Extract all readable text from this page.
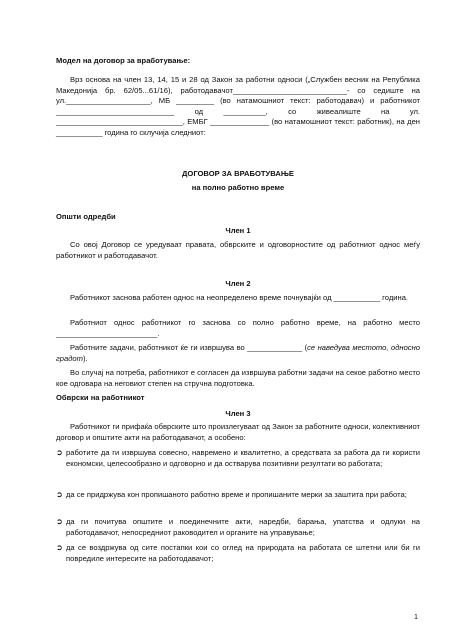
Модел на договор за вработување:
Врз основа на член 13, 14, 15 и 28 од Закон за работни односи („Службен весник на Република Македонија бр. 62/05...61/16), работодавачот___________________________- со седиште на ул.____________________, МБ _________ (во натамошниот текст: работодавач) и работникот ____________________________ од __________, со живеалиште на ул. ______________________________, ЕМБГ ______________ (во натамошниот текст: работник), на ден ___________ година го склучија следниот:
ДОГОВОР ЗА ВРАБОТУВАЊЕ
на полно работно време
Општи одредби
Член 1
Со овој Договор се уредуваат правата, обврските и одговорностите од работниот однос меѓу работникот и работодавачот.
Член 2
Работникот заснова работен однос на неопределено време почнувајќи од ___________ година.
Работниот однос работникот го заснова со полно работно време, на работно место ________________________.
Работните задачи, работникот ќе ги извршува во _____________ (се наведува местото, односно градот).
Во случај на потреба, работникот е согласен да извршува работни задачи на секое работно место кое одговара на неговиот степен на стручна подготовка.
Обврски на работникот
Член 3
Работникот ги прифаќа обврските што произлегуваат од Закон за работните односи, колективниот договор и општите акти на работодавачот, а особено:
➲ работите да ги извршува совесно, навремено и квалитетно, а средствата за работа да ги користи економски, целесообразно и одговорно и да остварува позитивни резултати во работата;
➲ да се придржува кон пропишаното работно време и пропишаните мерки за заштита при работа;
➲ да ги почитува општите и поединечните акти, наредби, барања, упатства и одлуки на работодавачот, непосредниот раководител и органите на управување;
➲ да се воздржува од сите постапки кои со оглед на природата на работата се штетни или би ги повредиле интересите на работодавачот;
1
